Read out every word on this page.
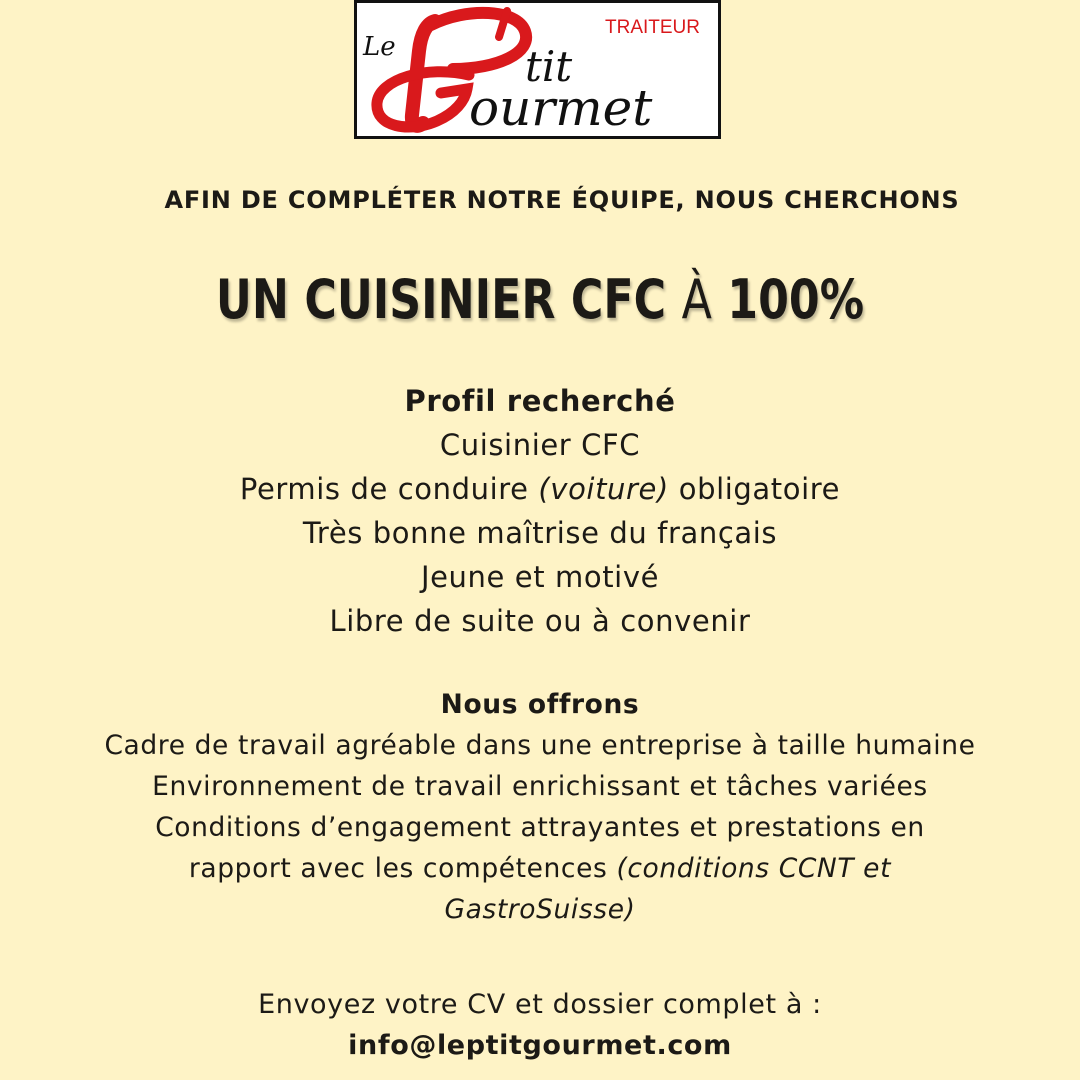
Le
TRAITEUR
tit
ourmet
AFIN DE COMPLÉTER NOTRE ÉQUIPE, NOUS CHERCHONS
UN CUISINIER CFC À 100%
Profil recherché
Cuisinier CFC
Permis de conduire (voiture) obligatoire
Très bonne maîtrise du français
Jeune et motivé
Libre de suite ou à convenir
Nous offrons
Cadre de travail agréable dans une entreprise à taille humaine
Environnement de travail enrichissant et tâches variées
Conditions d’engagement attrayantes et prestations en
rapport avec les compétences (conditions CCNT et
GastroSuisse)
Envoyez votre CV et dossier complet à :
info@leptitgourmet.com
